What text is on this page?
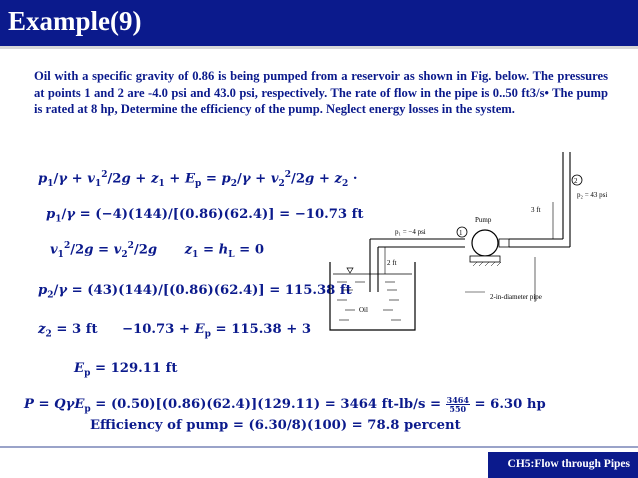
Example(9)
Oil with a specific gravity of 0.86 is being pumped from a reservoir as shown in Fig. below. The pressures at points 1 and 2 are -4.0 psi and 43.0 psi, respectively. The rate of flow in the pipe is 0..50 ft3/s• The pump is rated at 8 hp, Determine the efficiency of the pump. Neglect energy losses in the system.
$p_1/\gamma + v_1^2/2g + z_1 + E_p = p_2/\gamma + v_2^2/2g + z_2$ ·
$p_1/\gamma = (-4)(144)/[(0.86)(62.4)] = -10.73$ ft
$v_1^2/2g = v_2^2/2g$ $z_1 = h_L = 0$
$p_2/\gamma = (43)(144)/[(0.86)(62.4)] = 115.38$ ft
$z_2 = 3$ ft $-10.73 + E_p = 115.38 + 3$
$E_p = 129.11$ ft
P = QγE$_p$ = (0.50)[(0.86)(62.4)](129.11) = 3464 $ft-lb/s = \frac{3464}{550} = 6.30$ hp
Efficiency of pump = (6.30/8)(100) = 78.8 percent
Oil
2 ft
p₁ = −4 psi	1
Pump
3 ft
2
p₂ = 43 psi
2-in-diameter pipe
CH5:Flow through Pipes
